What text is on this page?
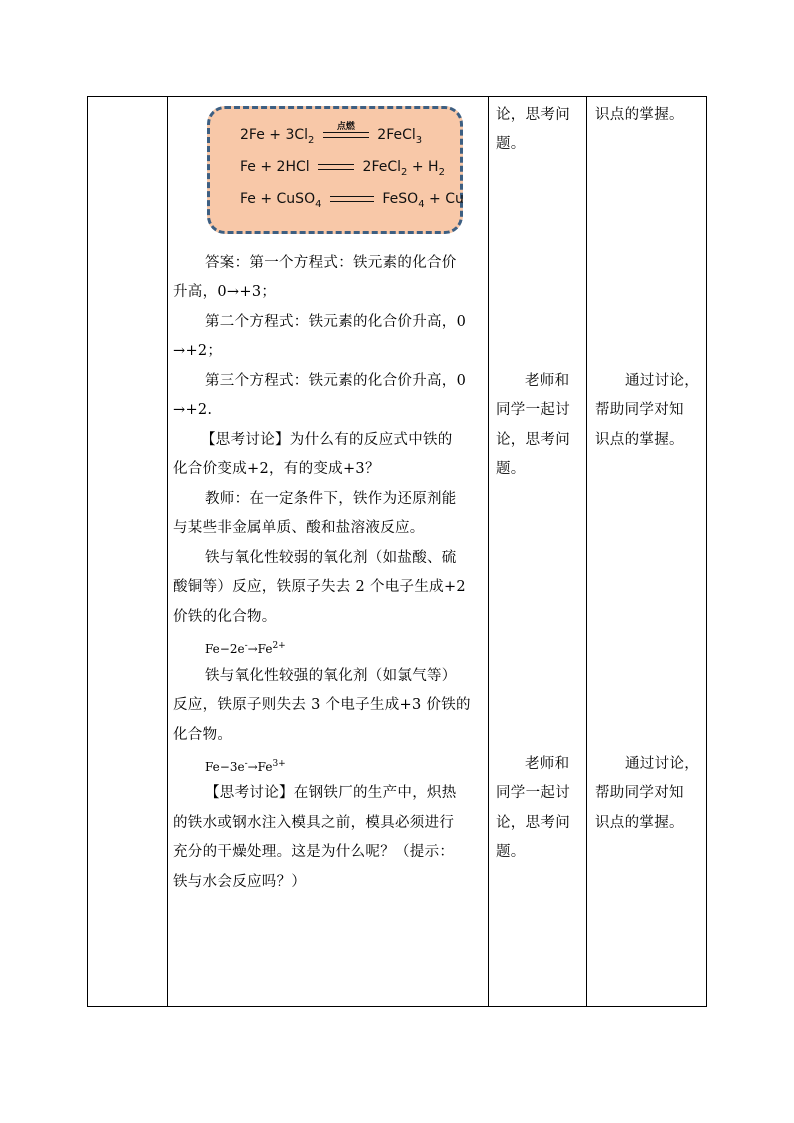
$2Fe + 3Cl_2$
点燃 2FeCl$_3$
Fe + 2HCl	2FeCl$_2$ + $H_2$
Fe + CuSO$_4$	FeSO$_4$ + Cu
答案：第一个方程式：铁元素的化合价
升高，0→+3；
第二个方程式：铁元素的化合价升高，0
→+2；
第三个方程式：铁元素的化合价升高，0
→+2.
【思考讨论】为什么有的反应式中铁的
化合价变成+2，有的变成+3？
教师：在一定条件下，铁作为还原剂能
与某些非金属单质、酸和盐溶液反应。
铁与氧化性较弱的氧化剂（如盐酸、硫
酸铜等）反应，铁原子失去 2 个电子生成+2
价铁的化合物。
$Fe-2e^-\to Fe^{2+}$
铁与氧化性较强的氧化剂（如氯气等）
反应，铁原子则失去 3 个电子生成+3 价铁的
化合物。
$Fe-3e^-\to Fe^{3+}$
【思考讨论】在钢铁厂的生产中，炽热
的铁水或钢水注入模具之前，模具必须进行
充分的干燥处理。这是为什么呢？（提示：
铁与水会反应吗？）
论，思考问
题。
老师和
同学一起讨
论，思考问
题。
老师和
同学一起讨
论，思考问
题。
识点的掌握。
通过讨论，
帮助同学对知
识点的掌握。
通过讨论，
帮助同学对知
识点的掌握。
